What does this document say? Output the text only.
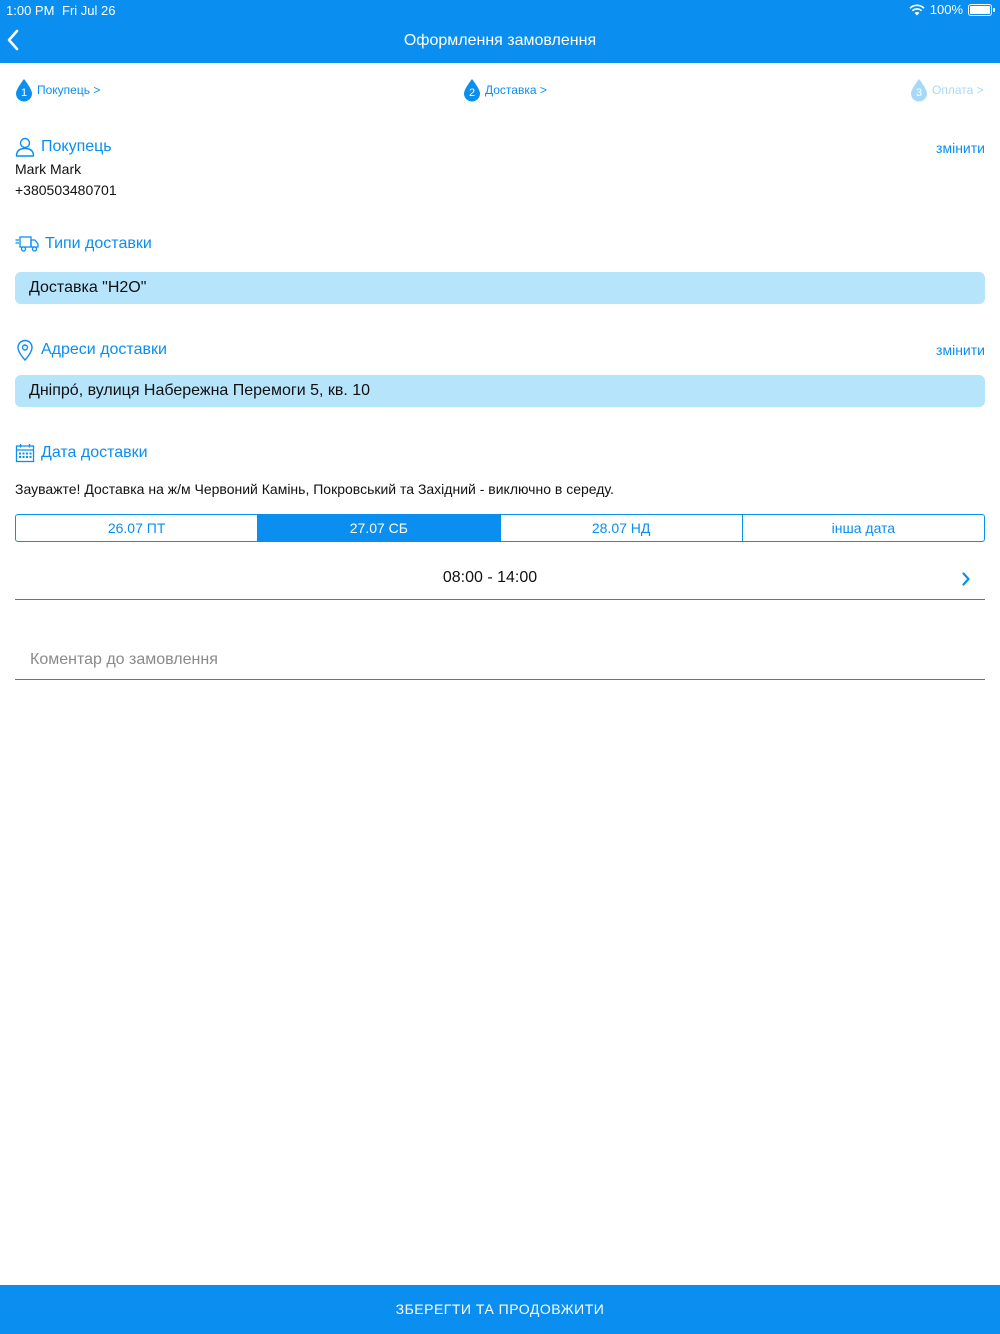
1:00 PM Fri Jul 26	100%
Оформлення замовлення
1 Покупець >	2 Доставка >	3 Оплата >
Покупець	змінити
Mark Mark
+380503480701
Типи доставки
Доставка "H2O"
Адреси доставки	змінити
Дніпрó, вулиця Набережна Перемоги 5, кв. 10
Дата доставки
Зауважте! Доставка на ж/м Червоний Камінь, Покровський та Західний - виключно в середу.
26.07 ПТ	27.07 СБ	28.07 НД	інша дата
08:00 - 14:00
Коментар до замовлення
ЗБЕРЕГТИ ТА ПРОДОВЖИТИ
